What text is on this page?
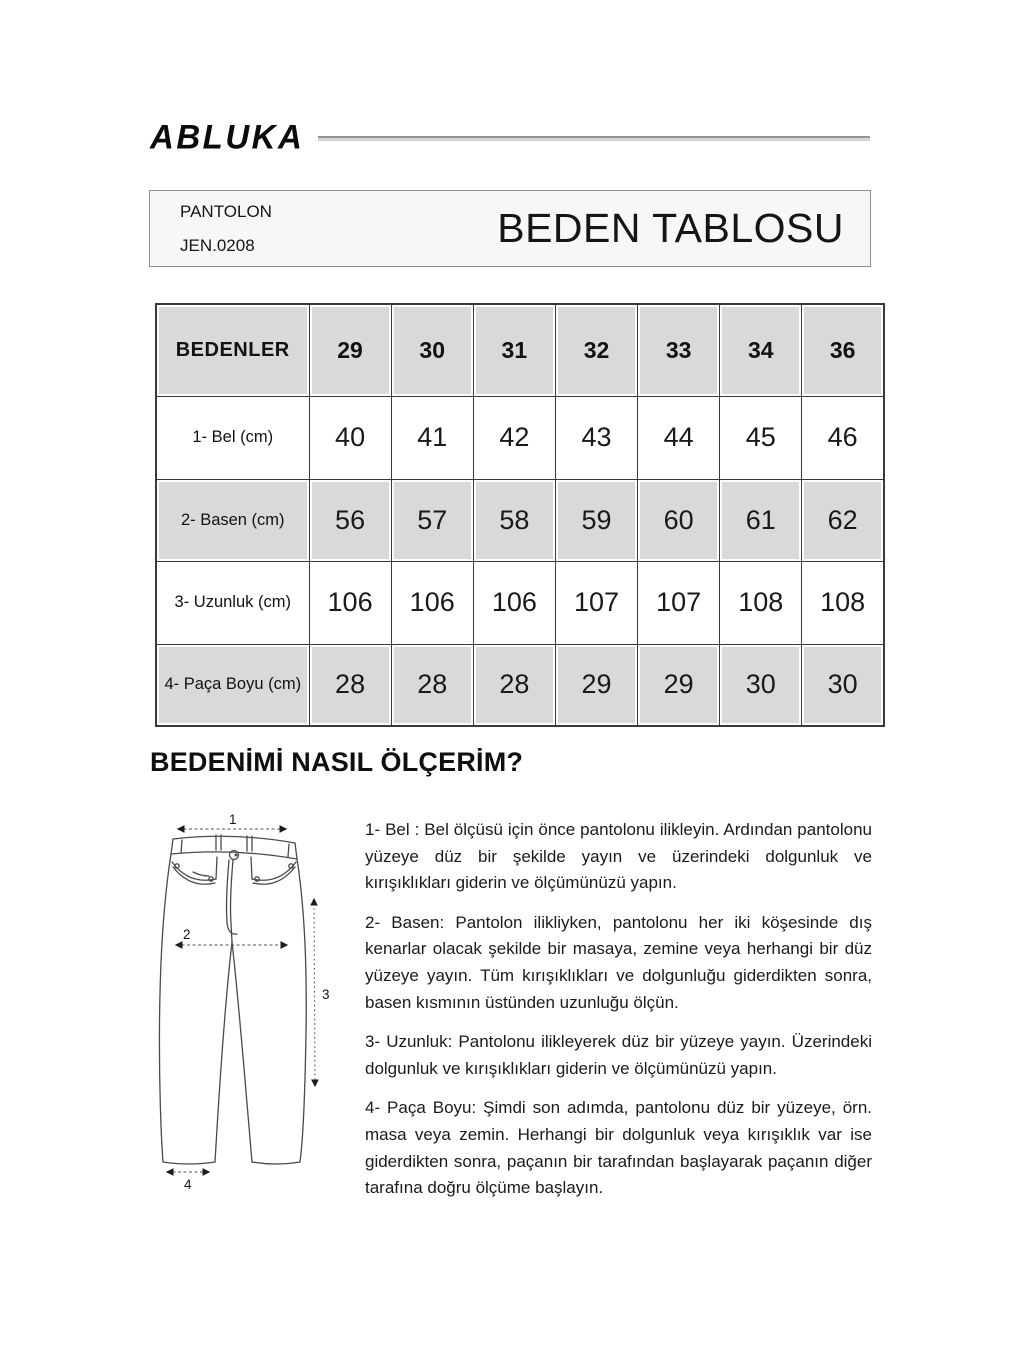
ABLUKA
PANTOLON
JEN.0208	BEDEN TABLOSU
BEDENLER	29	30	31	32	33	34	36
1- Bel (cm)	40	41	42	43	44	45	46
2- Basen (cm)	56	57	58	59	60	61	62
3- Uzunluk (cm)	106	106	106	107	107	108	108
4- Paça Boyu (cm)	28	28	28	29	29	30	30
BEDENİMİ NASIL ÖLÇERİM?
1
2
3
4

1- Bel : Bel ölçüsü için önce pantolonu ilikleyin. Ardından pantolonu yüzeye düz bir şekilde yayın ve üzerindeki dolgunluk ve kırışıklıkları giderin ve ölçümünüzü yapın.

2- Basen: Pantolon ilikliyken, pantolonu her iki köşesinde dış kenarlar olacak şekilde bir masaya, zemine veya herhangi bir düz yüzeye yayın. Tüm kırışıklıkları ve dolgunluğu giderdikten sonra, basen kısmının üstünden uzunluğu ölçün.

3- Uzunluk: Pantolonu ilikleyerek düz bir yüzeye yayın. Üzerindeki dolgunluk ve kırışıklıkları giderin ve ölçümünüzü yapın.

4- Paça Boyu: Şimdi son adımda, pantolonu düz bir yüzeye, örn. masa veya zemin. Herhangi bir dolgunluk veya kırışıklık var ise giderdikten sonra, paçanın bir tarafından başlayarak paçanın diğer tarafına doğru ölçüme başlayın.
